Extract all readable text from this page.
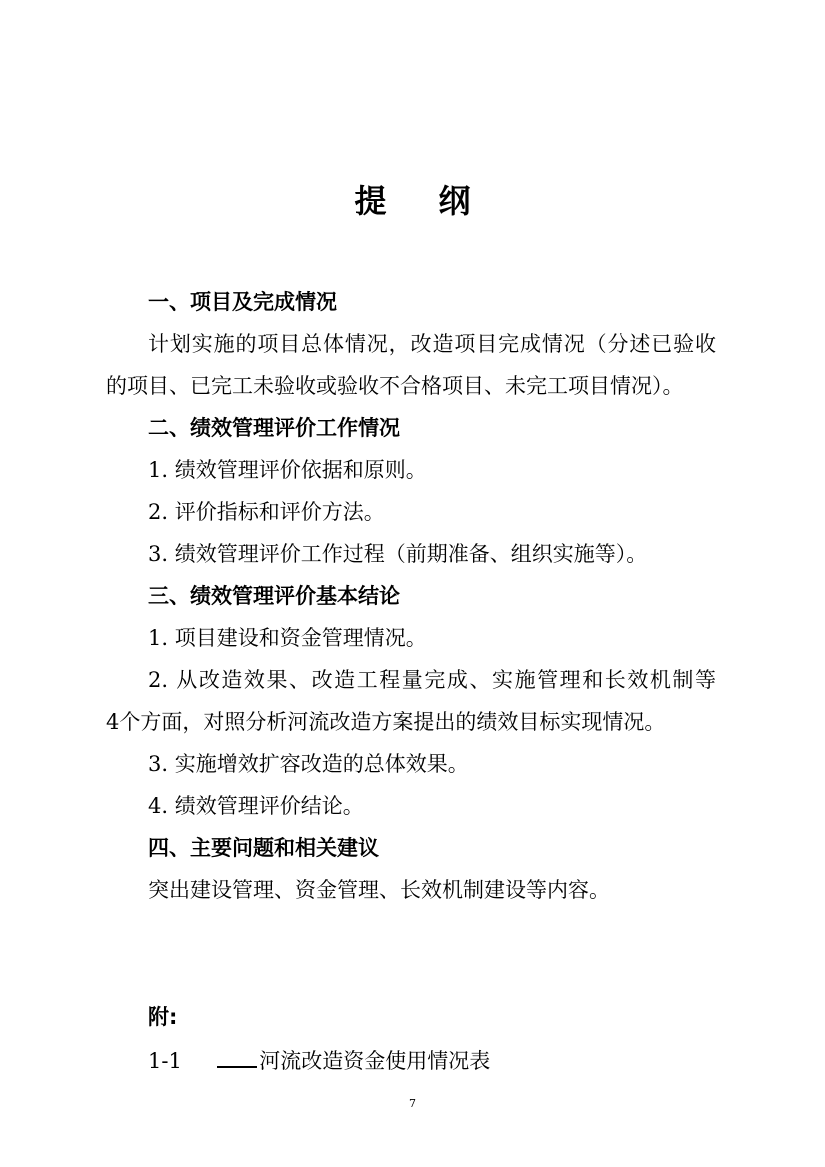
提纲
一、项目及完成情况
计划实施的项目总体情况，改造项目完成情况（分述已验收
的项目、已完工未验收或验收不合格项目、未完工项目情况）。
二、绩效管理评价工作情况
1. 绩效管理评价依据和原则。
2. 评价指标和评价方法。
3. 绩效管理评价工作过程（前期准备、组织实施等）。
三、绩效管理评价基本结论
1. 项目建设和资金管理情况。
2. 从改造效果、改造工程量完成、实施管理和长效机制等
4个方面，对照分析河流改造方案提出的绩效目标实现情况。
3. 实施增效扩容改造的总体效果。
4. 绩效管理评价结论。
四、主要问题和相关建议
突出建设管理、资金管理、长效机制建设等内容。
附:
1-1	河流改造资金使用情况表
7
